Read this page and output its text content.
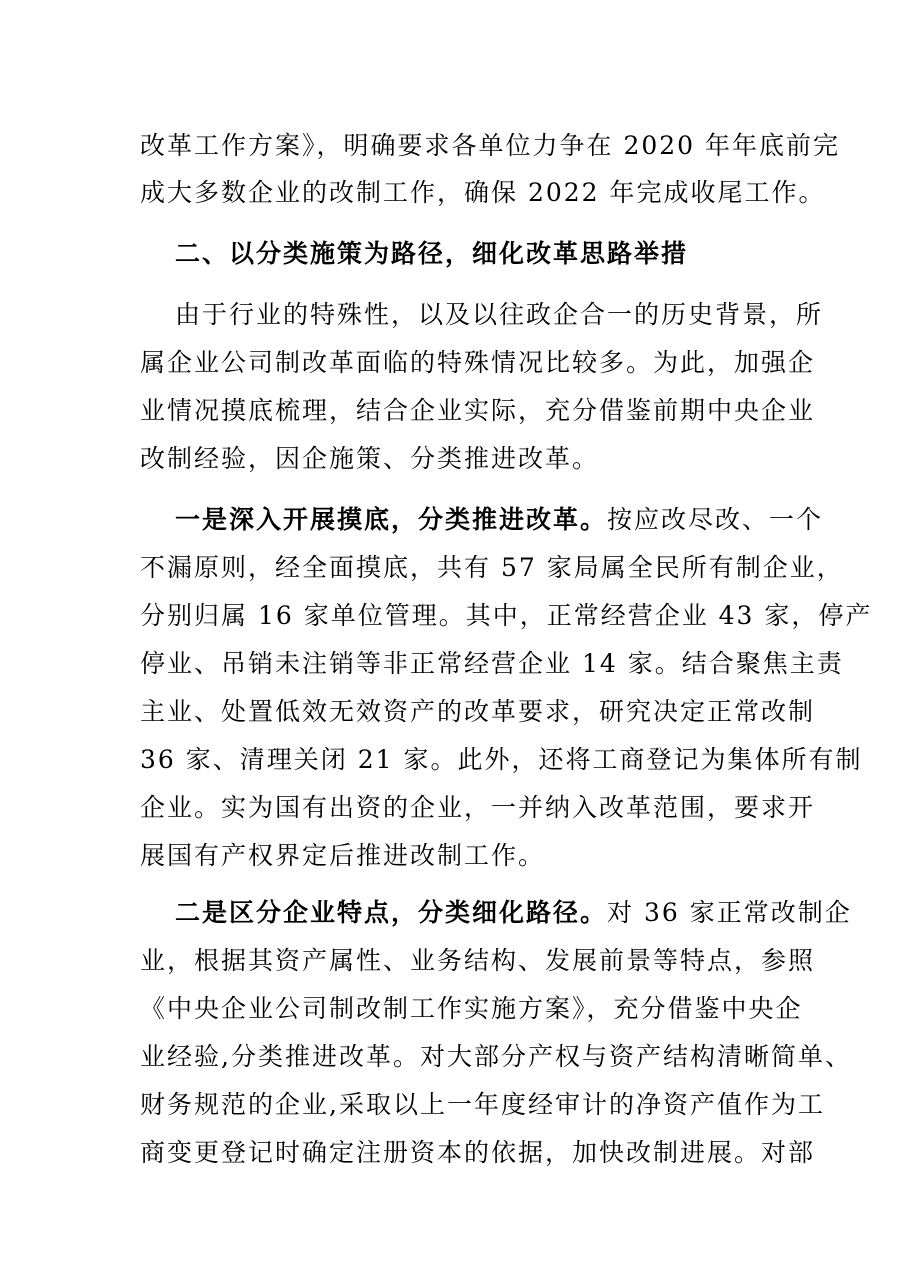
改革工作方案》，明确要求各单位力争在 2020 年年底前完
成大多数企业的改制工作，确保 2022 年完成收尾工作。
二、以分类施策为路径，细化改革思路举措
由于行业的特殊性，以及以往政企合一的历史背景，所
属企业公司制改革面临的特殊情况比较多。为此，加强企
业情况摸底梳理，结合企业实际，充分借鉴前期中央企业
改制经验，因企施策、分类推进改革。
一是深入开展摸底，分类推进改革。按应改尽改、一个
不漏原则，经全面摸底，共有 57 家局属全民所有制企业，
分别归属 16 家单位管理。其中，正常经营企业 43 家，停产
停业、吊销未注销等非正常经营企业 14 家。结合聚焦主责
主业、处置低效无效资产的改革要求，研究决定正常改制
36 家、清理关闭 21 家。此外，还将工商登记为集体所有制
企业。实为国有出资的企业，一并纳入改革范围，要求开
展国有产权界定后推进改制工作。
二是区分企业特点，分类细化路径。对 36 家正常改制企
业，根据其资产属性、业务结构、发展前景等特点，参照
《中央企业公司制改制工作实施方案》，充分借鉴中央企
业经验,分类推进改革。对大部分产权与资产结构清晰简单、
财务规范的企业,采取以上一年度经审计的净资产值作为工
商变更登记时确定注册资本的依据，加快改制进展。对部
